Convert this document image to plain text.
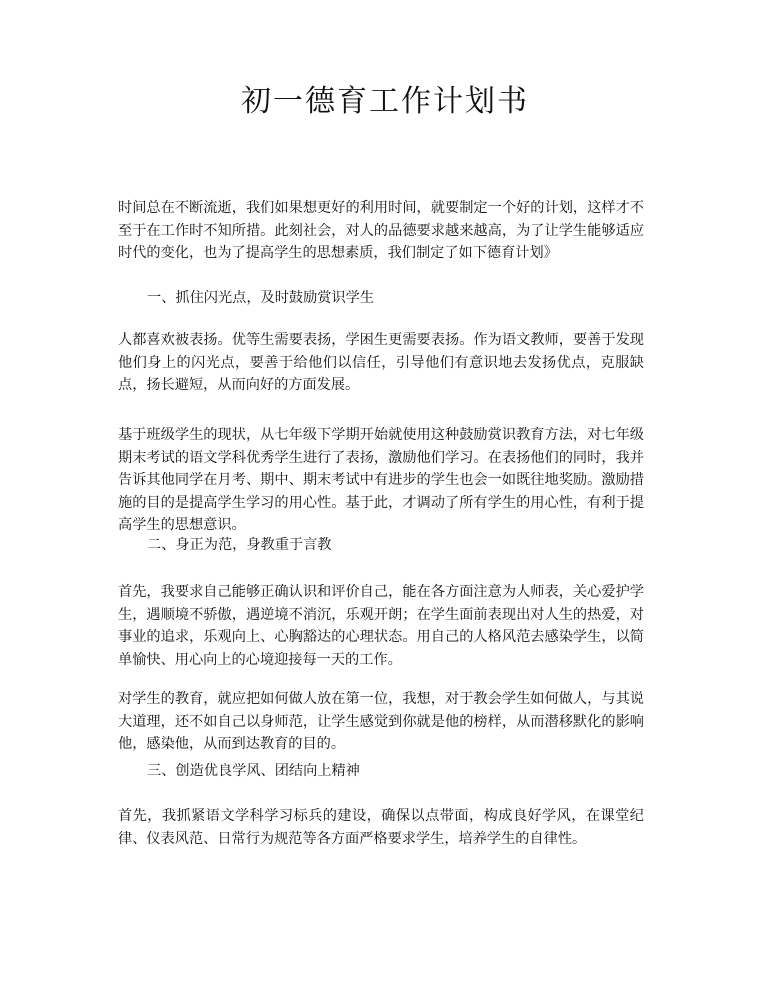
初一德育工作计划书

时间总在不断流逝，我们如果想更好的利用时间，就要制定一个好的计划，这样才不至于在工作时不知所措。此刻社会，对人的品德要求越来越高，为了让学生能够适应时代的变化，也为了提高学生的思想素质，我们制定了如下德育计划》

一、抓住闪光点，及时鼓励赏识学生

人都喜欢被表扬。优等生需要表扬，学困生更需要表扬。作为语文教师，要善于发现他们身上的闪光点，要善于给他们以信任，引导他们有意识地去发扬优点，克服缺点，扬长避短，从而向好的方面发展。

基于班级学生的现状，从七年级下学期开始就使用这种鼓励赏识教育方法，对七年级期末考试的语文学科优秀学生进行了表扬，激励他们学习。在表扬他们的同时，我并告诉其他同学在月考、期中、期末考试中有进步的学生也会一如既往地奖励。激励措施的目的是提高学生学习的用心性。基于此，才调动了所有学生的用心性，有利于提高学生的思想意识。

二、身正为范，身教重于言教

首先，我要求自己能够正确认识和评价自己，能在各方面注意为人师表，关心爱护学生，遇顺境不骄傲，遇逆境不消沉，乐观开朗；在学生面前表现出对人生的热爱，对事业的追求，乐观向上、心胸豁达的心理状态。用自己的人格风范去感染学生，以简单愉快、用心向上的心境迎接每一天的工作。

对学生的教育，就应把如何做人放在第一位，我想，对于教会学生如何做人，与其说大道理，还不如自己以身师范，让学生感觉到你就是他的榜样，从而潜移默化的影响他，感染他，从而到达教育的目的。

三、创造优良学风、团结向上精神

首先，我抓紧语文学科学习标兵的建设，确保以点带面，构成良好学风，在课堂纪律、仪表风范、日常行为规范等各方面严格要求学生，培养学生的自律性。
